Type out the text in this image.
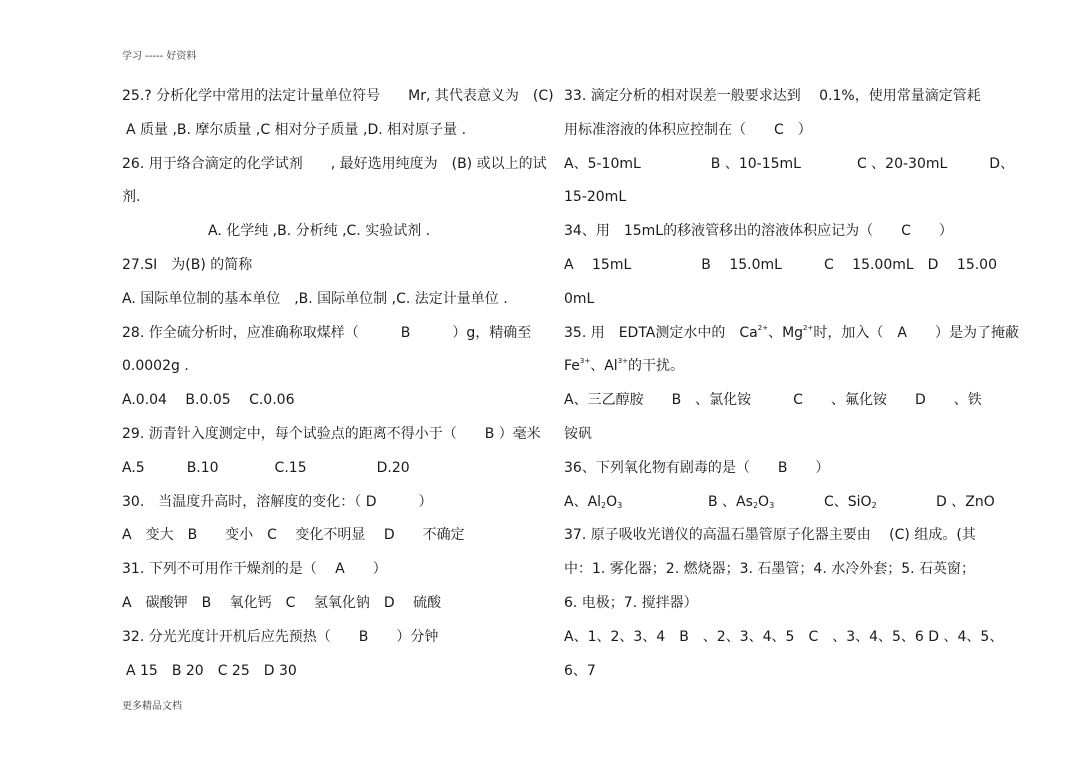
学习 ----- 好资料
25.? 分析化学中常用的法定计量单位符号　　Mr, 其代表意义为　(C)
A 质量 ,B. 摩尔质量 ,C 相对分子质量 ,D. 相对原子量 .
26. 用于络合滴定的化学试剂　　, 最好选用纯度为　(B) 或以上的试
剂.
A. 化学纯 ,B. 分析纯 ,C. 实验试剂 .
27.SI　为(B) 的简称
A. 国际单位制的基本单位　,B. 国际单位制 ,C. 法定计量单位 .
28. 作全硫分析时，应准确称取煤样（　　　B　　　）g，精确至
0.0002g .
A.0.04　 B.0.05　 C.0.06
29. 沥青针入度测定中，每个试验点的距离不得小于（　　B ）毫米
A.5　　　B.10　　　　C.15　　　　　D.20
30.　当温度升高时，溶解度的变化：（ D　　　）
A　变大　B　　变小　C　 变化不明显　 D　　不确定
31. 下列不可用作干燥剂的是（　 A　　）
A　碳酸钾　B　 氧化钙　C　 氢氧化钠　D　 硫酸
32. 分光光度计开机后应先预热（　　B　　）分钟
A 15　B 20　C 25　D 30
33. 滴定分析的相对误差一般要求达到　 0.1%，使用常量滴定管耗
用标准溶液的体积应控制在（　　C　）
A、5-10mL　　　　　B 、10-15mL　　　　C 、20-30mL　　　D、
15-20mL
34、用　15mL的移液管移出的溶液体积应记为（　　C　　）
A　 15mL　　　　　B　 15.0mL　　　C　 15.00mL　D　 15.00
0mL
35. 用　EDTA测定水中的　$Ca^{2+}$、$Mg^{2+}$时，加入（　A　　）是为了掩蔽
$Fe^{3+}$、$Al^{3+}$的干扰。
A、三乙醇胺　　B　、氯化铵　　　C　　、氟化铵　　D　　、铁
铵矾
36、下列氧化物有剧毒的是（　　B　　）
A、$Al_2O_3$	B 、$As_2O_3$	C、SiO$_2$	D 、ZnO
37. 原子吸收光谱仪的高温石墨管原子化器主要由　 (C) 组成。(其
中：1. 雾化器；2. 燃烧器；3. 石墨管；4. 水冷外套；5. 石英窗；
6. 电极；7. 搅拌器）
A、1、2、3、4　B　、2、3、4、5　C　、3、4、5、6 D 、4、5、
6、7
更多精品文档
